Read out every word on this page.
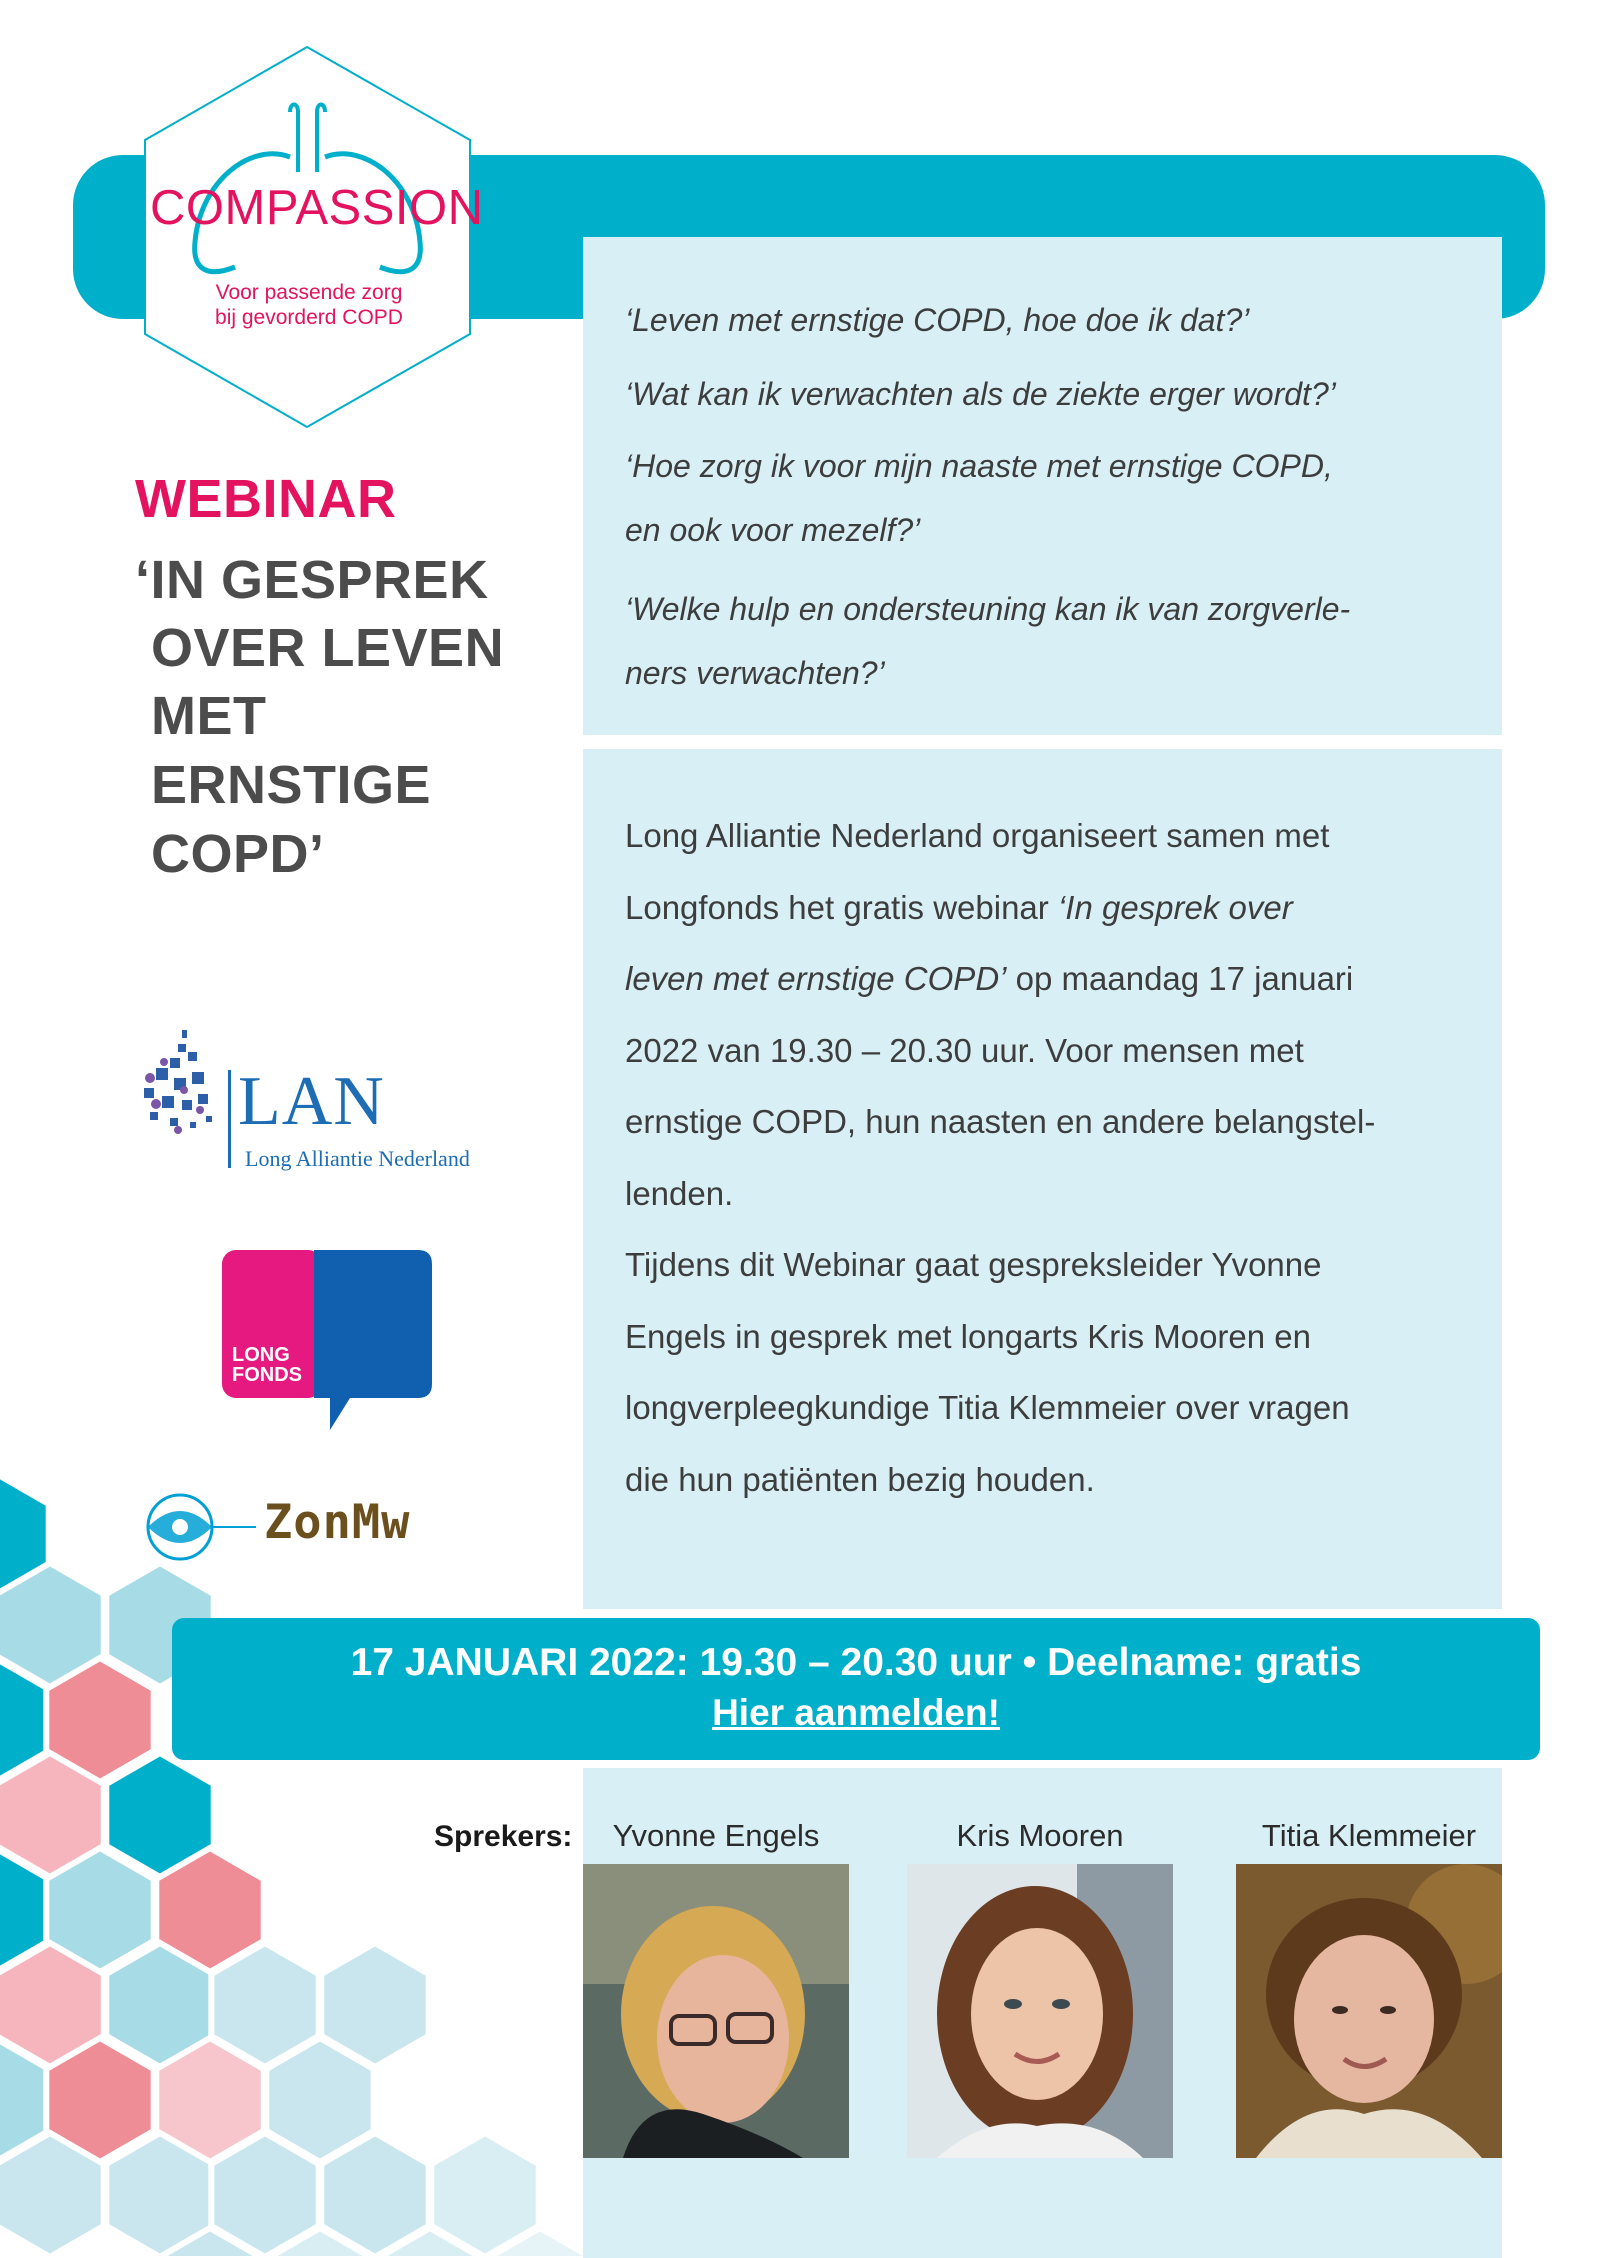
COMPASSION
Voor passende zorg
bij gevorderd COPD	‘Leven met ernstige COPD, hoe doe ik dat?’
‘Wat kan ik verwachten als de ziekte erger wordt?’
‘Hoe zorg ik voor mijn naaste met ernstige COPD,
en ook voor mezelf?’
‘Welke hulp en ondersteuning kan ik van zorgverle-
ners verwachten?’

Long Alliantie Nederland organiseert samen met

Longfonds het gratis webinar ‘In gesprek over

leven met ernstige COPD’ op maandag 17 januari

2022 van 19.30 – 20.30 uur. Voor mensen met

ernstige COPD, hun naasten en andere belangstel-

lenden.

Tijdens dit Webinar gaat gespreksleider Yvonne

Engels in gesprek met longarts Kris Mooren en

longverpleegkundige Titia Klemmeier over vragen

die hun patiënten bezig houden.

WEBINAR
‘IN GESPREK
OVER LEVEN
MET
ERNSTIGE
COPD’
LAN
Long Alliantie Nederland
LONG
FONDS
ZonMw
17 JANUARI 2022: 19.30 – 20.30 uur • Deelname: gratis
Hier aanmelden!
Sprekers:	Yvonne Engels	Kris Mooren	Titia Klemmeier
